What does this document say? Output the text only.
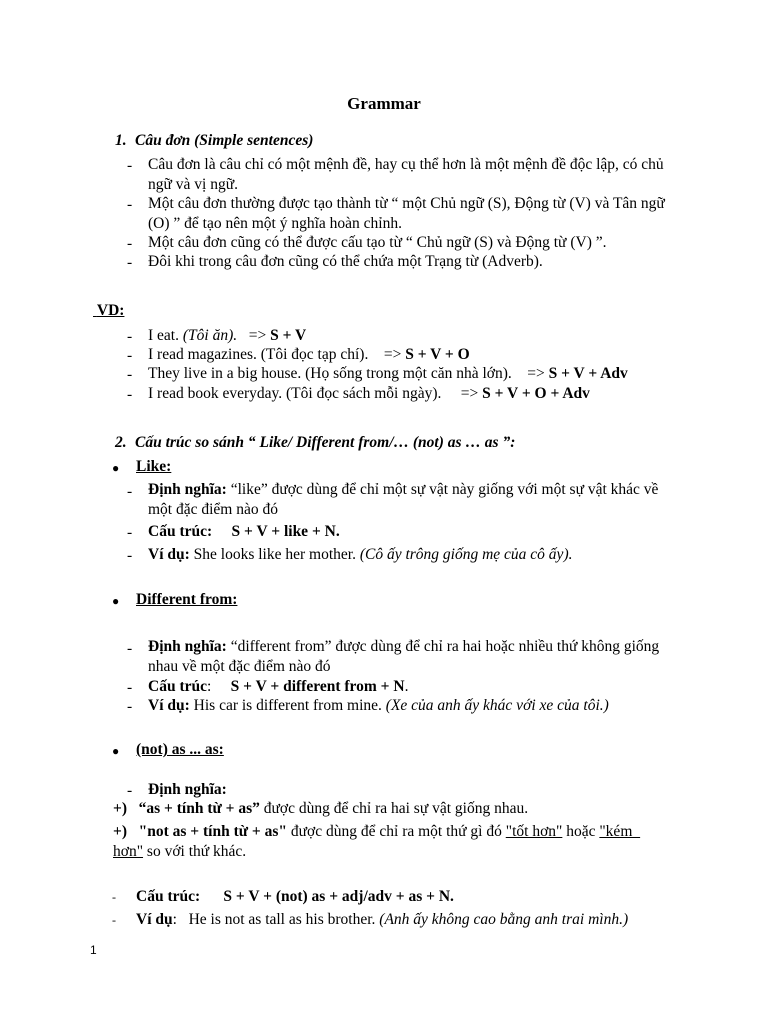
Grammar
1. Câu đơn (Simple sentences)
- Câu đơn là câu chỉ có một mệnh đề, hay cụ thể hơn là một mệnh đề độc lập, có chủ ngữ và vị ngữ.
- Một câu đơn thường được tạo thành từ “ một Chủ ngữ (S), Động từ (V) và Tân ngữ (O) ” để tạo nên một ý nghĩa hoàn chỉnh.
- Một câu đơn cũng có thể được cấu tạo từ “ Chủ ngữ (S) và Động từ (V) ”.
- Đôi khi trong câu đơn cũng có thể chứa một Trạng từ (Adverb).
VD:
- I eat. (Tôi ăn). => S + V
- I read magazines. (Tôi đọc tạp chí). => S + V + O
- They live in a big house. (Họ sống trong một căn nhà lớn). => S + V + Adv
- I read book everyday. (Tôi đọc sách mỗi ngày). => S + V + O + Adv
2. Cấu trúc so sánh “ Like/ Different from/… (not) as … as ”:
● Like:
- Định nghĩa: “like” được dùng để chỉ một sự vật này giống với một sự vật khác về một đặc điểm nào đó
- Cấu trúc: S + V + like + N.
- Ví dụ: She looks like her mother. (Cô ấy trông giống mẹ của cô ấy).
● Different from:
- Định nghĩa: “different from” được dùng để chỉ ra hai hoặc nhiều thứ không giống nhau về một đặc điểm nào đó
- Cấu trúc:     S + V + different from + N.
- Ví dụ: His car is different from mine. (Xe của anh ấy khác với xe của tôi.)
● (not) as ... as:
- Định nghĩa:
+) “as + tính từ + as” được dùng để chỉ ra hai sự vật giống nhau.
+) "not as + tính từ + as" được dùng để chỉ ra một thứ gì đó "tốt hơn" hoặc "kém
hơn" so với thứ khác.
- Cấu trúc: S + V + (not) as + adj/adv + as + N.
- Ví dụ:   He is not as tall as his brother. (Anh ấy không cao bằng anh trai mình.)
1
